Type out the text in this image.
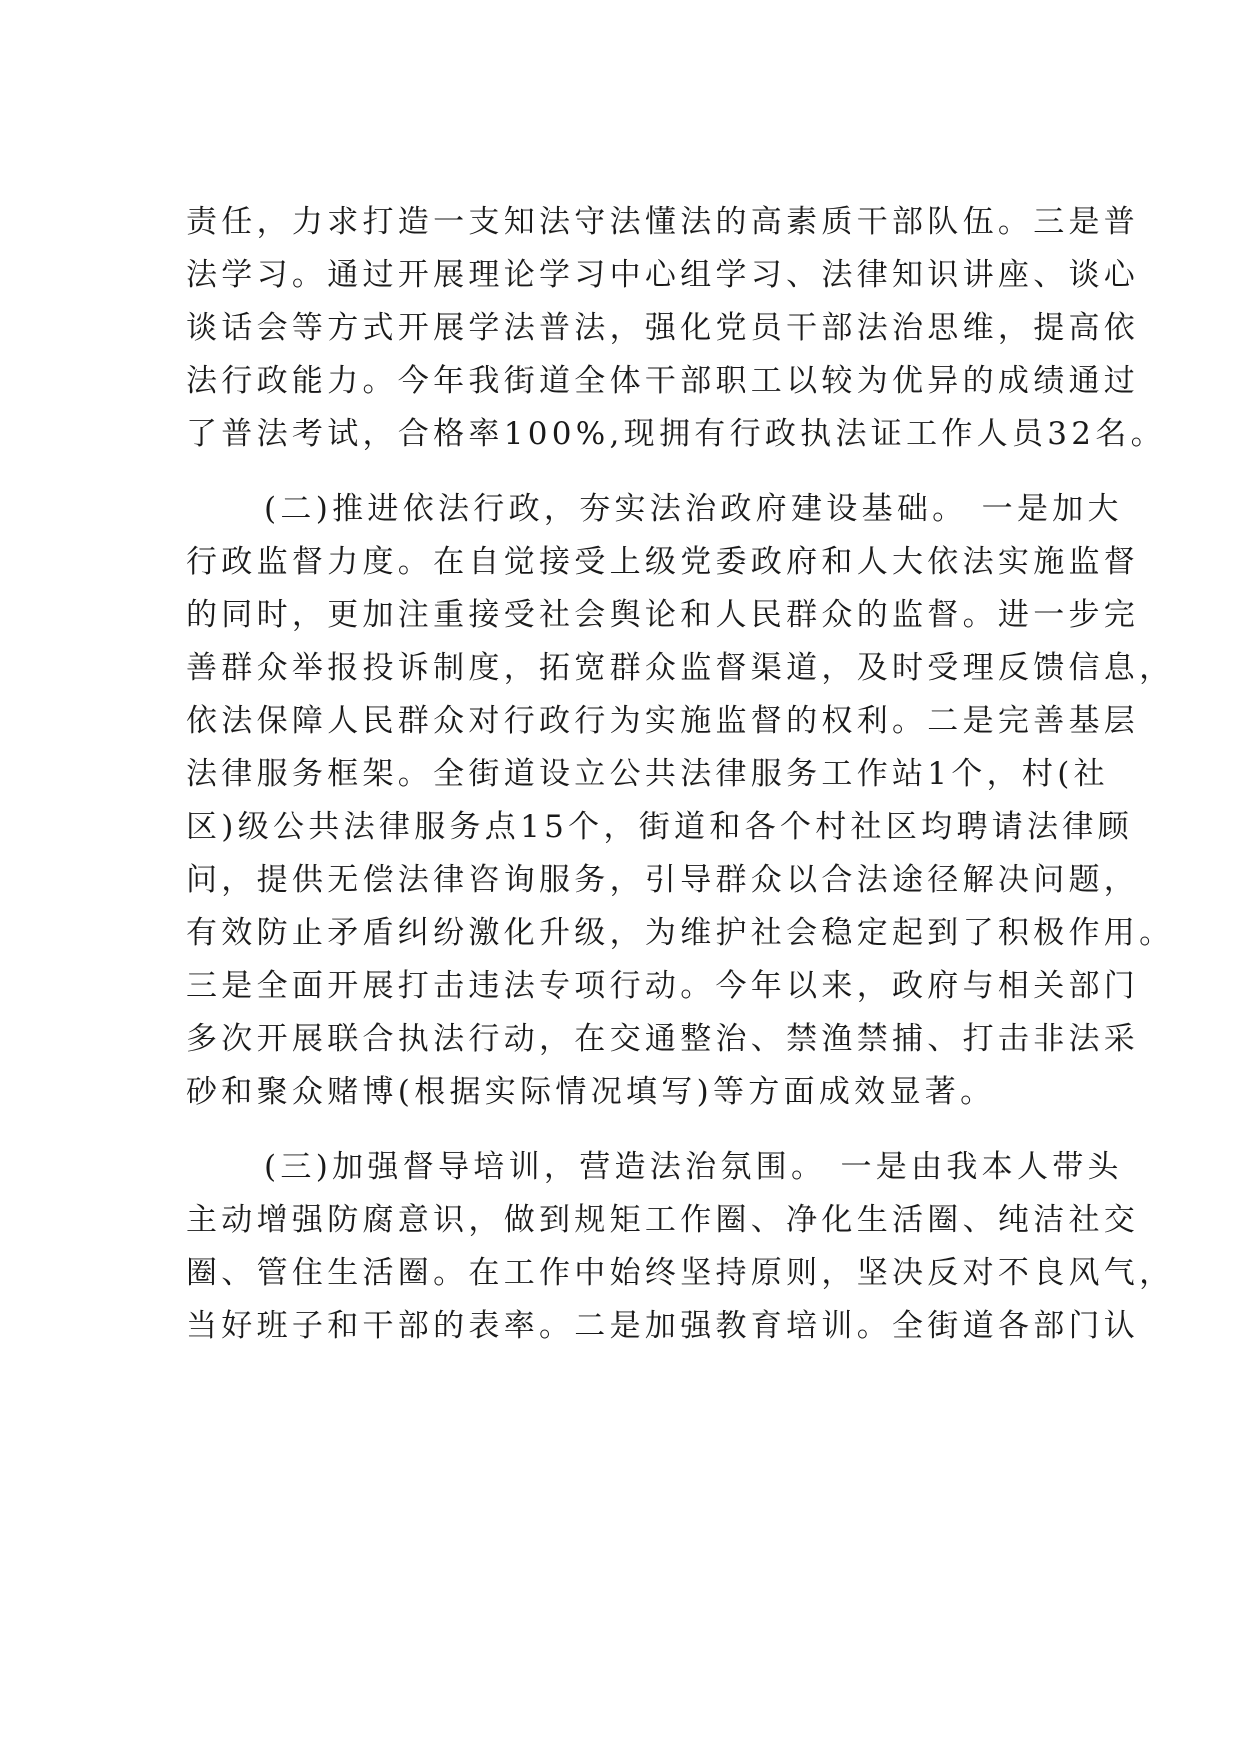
责任，力求打造一支知法守法懂法的高素质干部队伍。三是普
法学习。通过开展理论学习中心组学习、法律知识讲座、谈心
谈话会等方式开展学法普法，强化党员干部法治思维，提高依
法行政能力。今年我街道全体干部职工以较为优异的成绩通过
了普法考试，合格率100%,现拥有行政执法证工作人员32名。
(二)推进依法行政，夯实法治政府建设基础。 一是加大
行政监督力度。在自觉接受上级党委政府和人大依法实施监督
的同时，更加注重接受社会舆论和人民群众的监督。进一步完
善群众举报投诉制度，拓宽群众监督渠道，及时受理反馈信息，
依法保障人民群众对行政行为实施监督的权利。二是完善基层
法律服务框架。全街道设立公共法律服务工作站1个，村(社
区)级公共法律服务点15个，街道和各个村社区均聘请法律顾
问，提供无偿法律咨询服务，引导群众以合法途径解决问题，
有效防止矛盾纠纷激化升级，为维护社会稳定起到了积极作用。
三是全面开展打击违法专项行动。今年以来，政府与相关部门
多次开展联合执法行动，在交通整治、禁渔禁捕、打击非法采
砂和聚众赌博(根据实际情况填写)等方面成效显著。
(三)加强督导培训，营造法治氛围。 一是由我本人带头
主动增强防腐意识，做到规矩工作圈、净化生活圈、纯洁社交
圈、管住生活圈。在工作中始终坚持原则，坚决反对不良风气，
当好班子和干部的表率。二是加强教育培训。全街道各部门认
